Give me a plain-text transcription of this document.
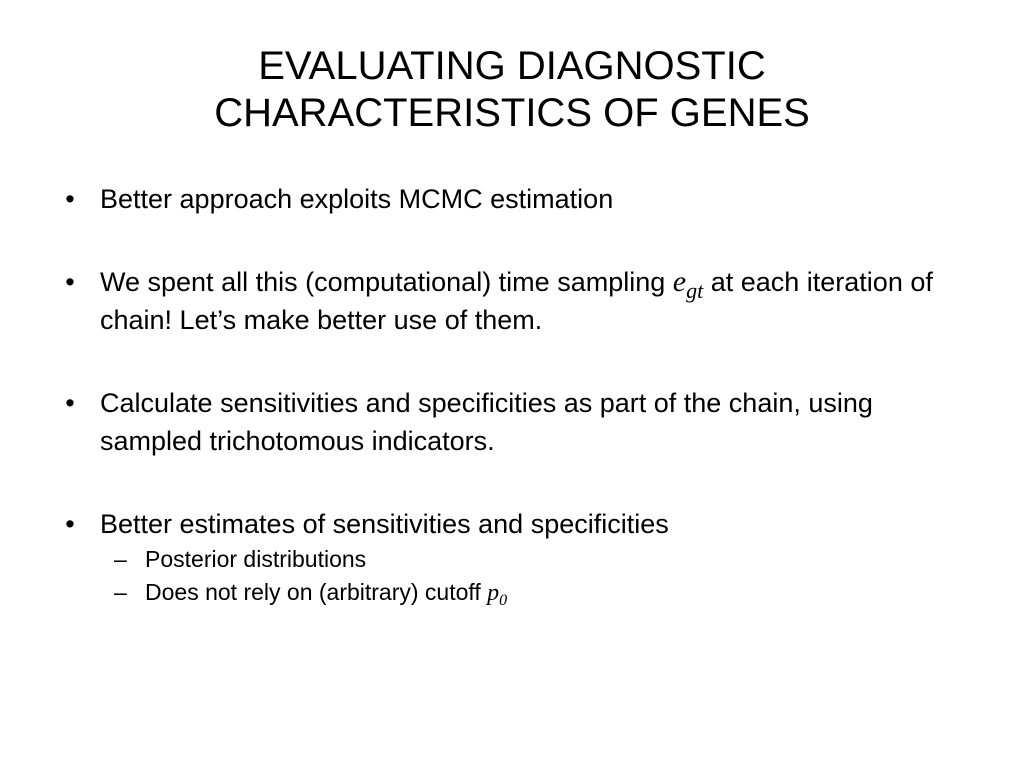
EVALUATING DIAGNOSTIC
CHARACTERISTICS OF GENES
• Better approach exploits MCMC estimation
• We spent all this (computational) time sampling $e_{gt}$ at each iteration of chain! Let’s make better use of them.
• Calculate sensitivities and specificities as part of the chain, using sampled trichotomous indicators.
• Better estimates of sensitivities and specificities
– Posterior distributions
– Does not rely on (arbitrary) cutoff $p_0$
